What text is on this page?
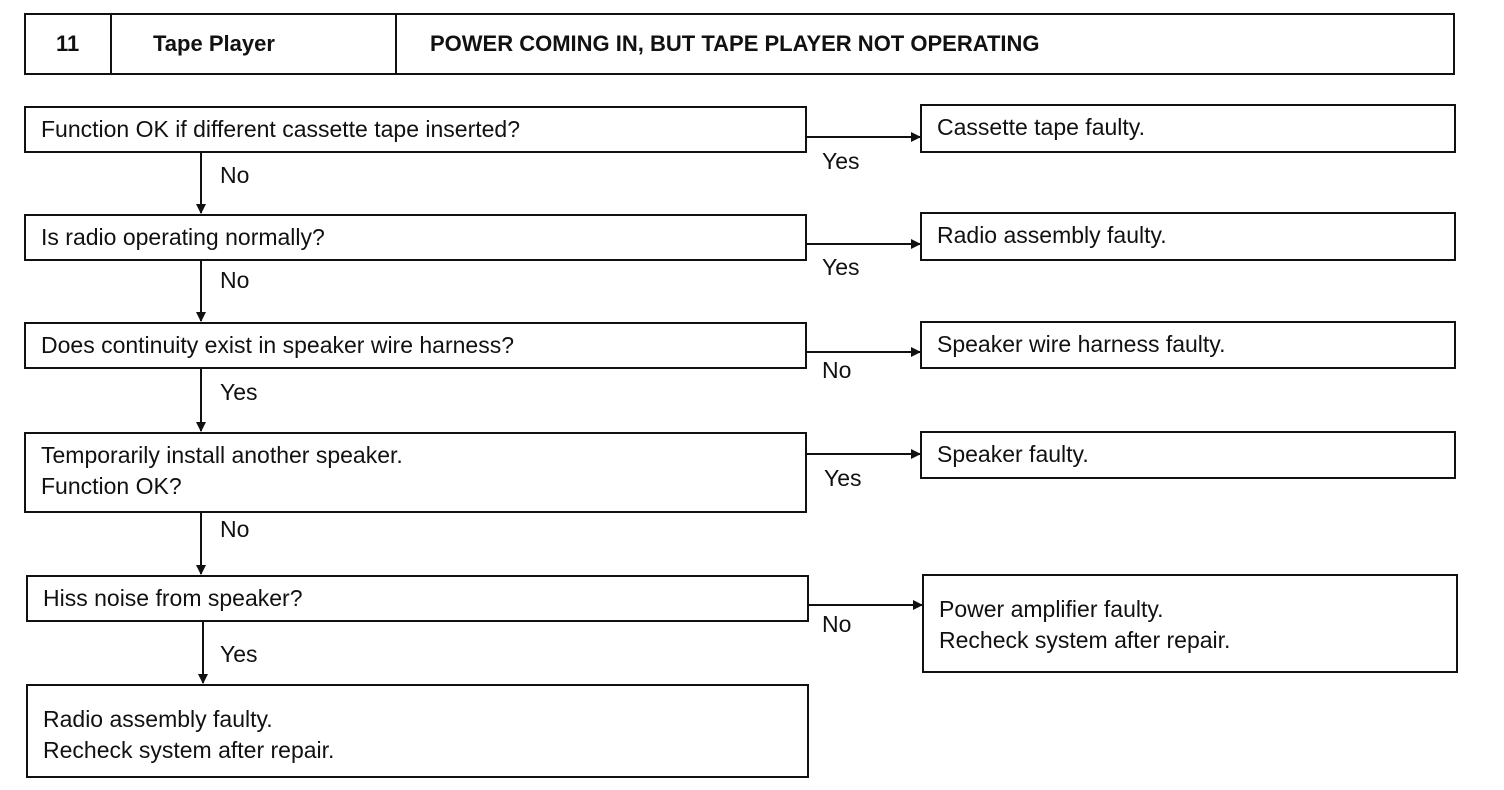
11	Tape Player	POWER COMING IN, BUT TAPE PLAYER NOT OPERATING
Function OK if different cassette tape inserted?
Yes
Cassette tape faulty.
No
Is radio operating normally?
Yes
Radio assembly faulty.
No
Does continuity exist in speaker wire harness?
No
Speaker wire harness faulty.
Yes
Temporarily install another speaker.
Function OK?	Yes
Speaker faulty.
No
Hiss noise from speaker?
No
Power amplifier faulty.
Recheck system after repair.
Yes
Radio assembly faulty.
Recheck system after repair.
